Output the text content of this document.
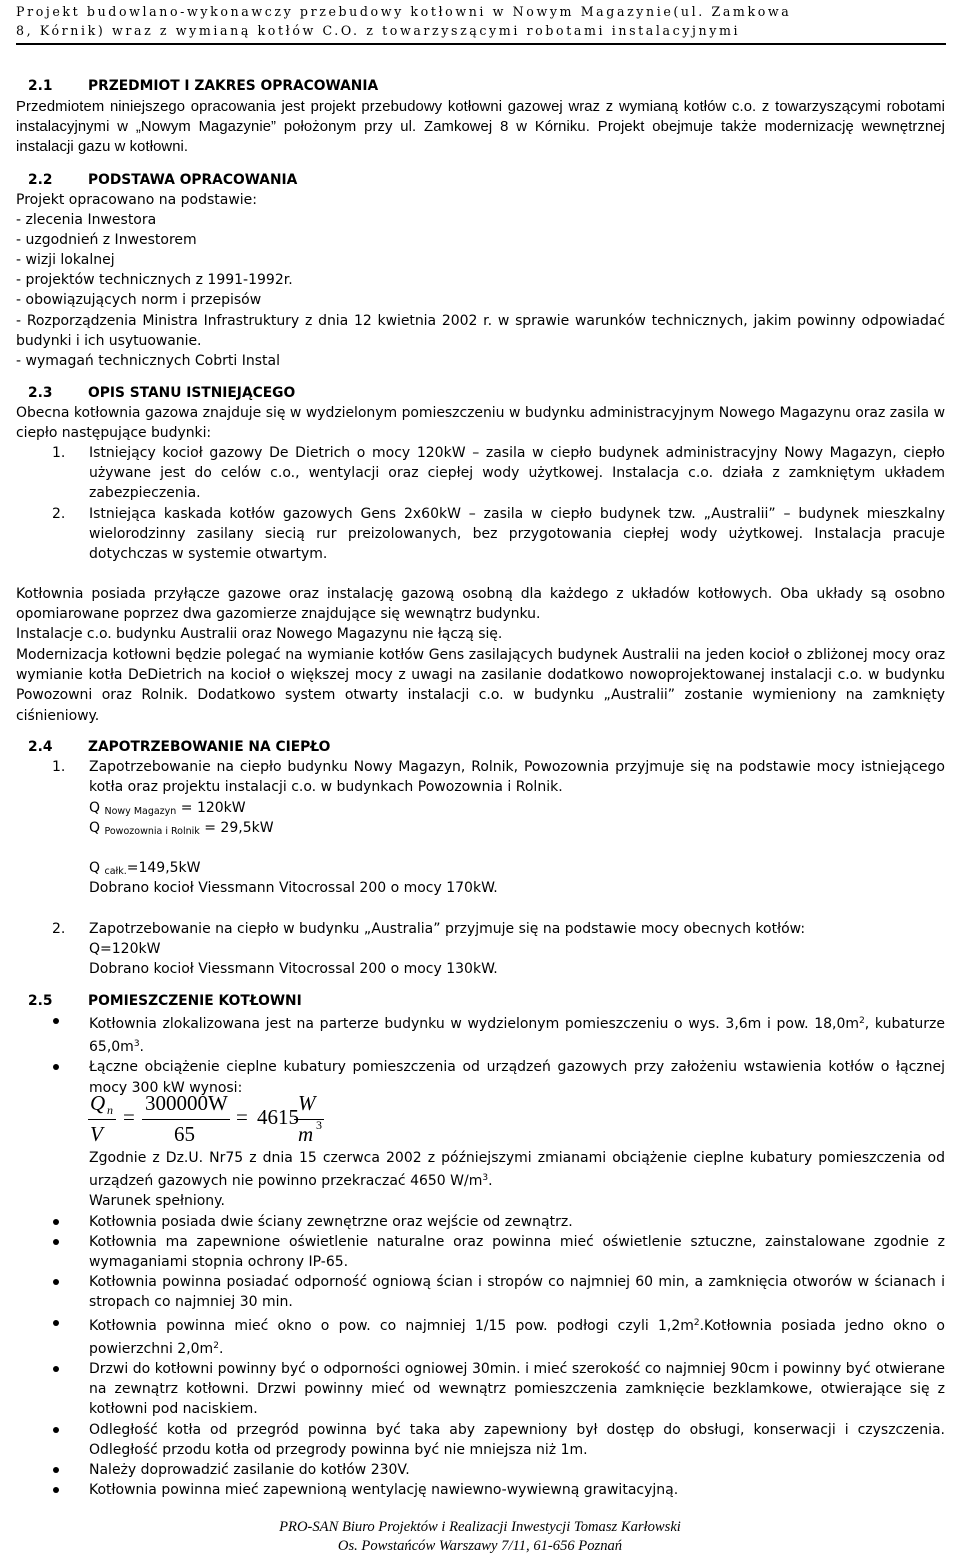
Projekt budowlano-wykonawczy przebudowy kotłowni w Nowym Magazynie(ul. Zamkowa
8, Kórnik) wraz z wymianą kotłów C.O. z towarzyszącymi robotami instalacyjnymi
2.1	PRZEDMIOT I ZAKRES OPRACOWANIA
Przedmiotem niniejszego opracowania jest projekt przebudowy kotłowni gazowej wraz z wymianą kotłów c.o. z towarzyszącymi robotami instalacyjnymi w „Nowym Magazynie” położonym przy ul. Zamkowej 8 w Kórniku. Projekt obejmuje także modernizację wewnętrznej instalacji gazu w kotłowni.
2.2	PODSTAWA OPRACOWANIA
Projekt opracowano na podstawie:
- zlecenia Inwestora
- uzgodnień z Inwestorem
- wizji lokalnej
- projektów technicznych z 1991-1992r.
- obowiązujących norm i przepisów
- Rozporządzenia Ministra Infrastruktury z dnia 12 kwietnia 2002 r. w sprawie warunków technicznych, jakim powinny odpowiadać budynki i ich usytuowanie.
- wymagań technicznych Cobrti Instal
2.3	OPIS STANU ISTNIEJĄCEGO
Obecna kotłownia gazowa znajduje się w wydzielonym pomieszczeniu w budynku administracyjnym Nowego Magazynu oraz zasila w ciepło następujące budynki:
1. Istniejący kocioł gazowy De Dietrich o mocy 120kW – zasila w ciepło budynek administracyjny Nowy Magazyn, ciepło używane jest do celów c.o., wentylacji oraz ciepłej wody użytkowej. Instalacja c.o. działa z zamkniętym układem zabezpieczenia.
2. Istniejąca kaskada kotłów gazowych Gens 2x60kW – zasila w ciepło budynek tzw. „Australii” – budynek mieszkalny wielorodzinny zasilany siecią rur preizolowanych, bez przygotowania ciepłej wody użytkowej. Instalacja pracuje dotychczas w systemie otwartym.
Kotłownia posiada przyłącze gazowe oraz instalację gazową osobną dla każdego z układów kotłowych. Oba układy są osobno opomiarowane poprzez dwa gazomierze znajdujące się wewnątrz budynku.
Instalacje c.o. budynku Australii oraz Nowego Magazynu nie łączą się.
Modernizacja kotłowni będzie polegać na wymianie kotłów Gens zasilających budynek Australii na jeden kocioł o zbliżonej mocy oraz wymianie kotła DeDietrich na kocioł o większej mocy z uwagi na zasilanie dodatkowo nowoprojektowanej instalacji c.o. w budynku Powozowni oraz Rolnik. Dodatkowo system otwarty instalacji c.o. w budynku „Australii” zostanie wymieniony na zamknięty ciśnieniowy.
2.4	ZAPOTRZEBOWANIE NA CIEPŁO
1. Zapotrzebowanie na ciepło budynku Nowy Magazyn, Rolnik, Powozownia przyjmuje się na podstawie mocy istniejącego kotła oraz projektu instalacji c.o. w budynkach Powozownia i Rolnik.
Q $_{Nowy Magazyn}$ = 120kW
Q $_{Powozownia i Rolnik}$ = 29,5kW
Q $_{całk.}$=149,5kW
Dobrano kocioł Viessmann Vitocrossal 200 o mocy 170kW.
2. Zapotrzebowanie na ciepło w budynku „Australia” przyjmuje się na podstawie mocy obecnych kotłów:
Q=120kW
Dobrano kocioł Viessmann Vitocrossal 200 o mocy 130kW.
2.5	POMIESZCZENIE KOTŁOWNI
Kotłownia zlokalizowana jest na parterze budynku w wydzielonym pomieszczeniu o wys. 3,6m i pow. $18,0m^2$, kubaturze $65,0m^3$.
Łączne obciążenie cieplne kubatury pomieszczenia od urządzeń gazowych przy założeniu wstawienia kotłów o łącznej mocy 300 kW wynosi:
Q n
V
=
300000W
65
= 4615
W
m 3
Zgodnie z Dz.U. Nr75 z dnia 15 czerwca 2002 z późniejszymi zmianami obciążenie cieplne kubatury pomieszczenia od urządzeń gazowych nie powinno przekraczać 4650 $W/m^3$.
Warunek spełniony.
Kotłownia posiada dwie ściany zewnętrzne oraz wejście od zewnątrz.
Kotłownia ma zapewnione oświetlenie naturalne oraz powinna mieć oświetlenie sztuczne, zainstalowane zgodnie z wymaganiami stopnia ochrony IP-65.
Kotłownia powinna posiadać odporność ogniową ścian i stropów co najmniej 60 min, a zamknięcia otworów w ścianach i stropach co najmniej 30 min.
Kotłownia powinna mieć okno o pow. co najmniej 1/15 pow. podłogi czyli $1,2m^2.Kotłownia$ posiada jedno okno o powierzchni $2,0m^2$.
Drzwi do kotłowni powinny być o odporności ogniowej 30min. i mieć szerokość co najmniej 90cm i powinny być otwierane na zewnątrz kotłowni. Drzwi powinny mieć od wewnątrz pomieszczenia zamknięcie bezklamkowe, otwierające się z kotłowni pod naciskiem.
Odległość kotła od przegród powinna być taka aby zapewniony był dostęp do obsługi, konserwacji i czyszczenia. Odległość przodu kotła od przegrody powinna być nie mniejsza niż 1m.
Należy doprowadzić zasilanie do kotłów 230V.
Kotłownia powinna mieć zapewnioną wentylację nawiewno-wywiewną grawitacyjną.
PRO-SAN Biuro Projektów i Realizacji Inwestycji Tomasz Karłowski
Os. Powstańców Warszawy 7/11, 61-656 Poznań
